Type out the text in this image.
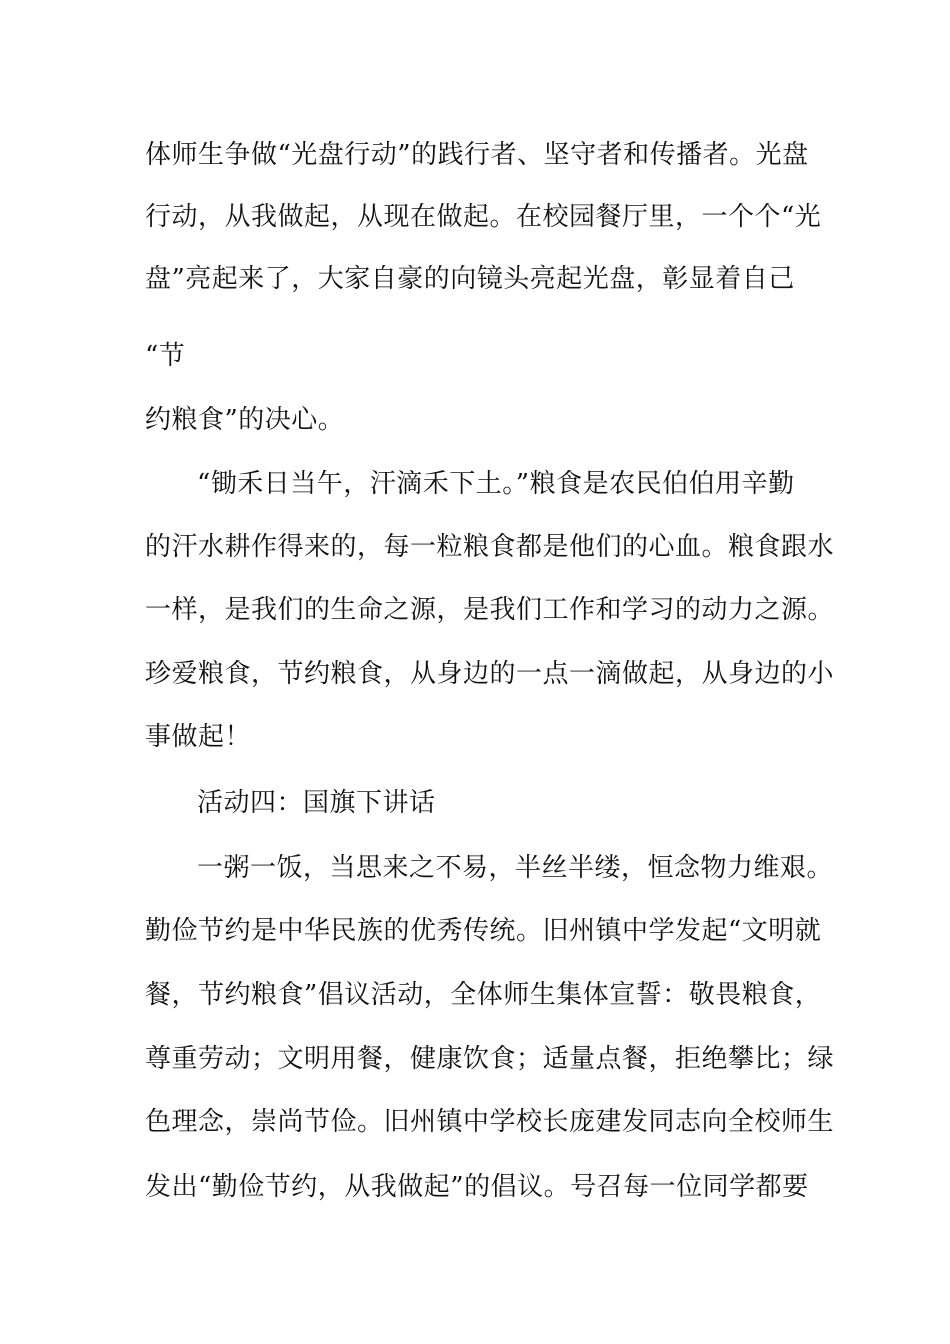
体师生争做“光盘行动”的践行者、坚守者和传播者。光盘
行动，从我做起，从现在做起。在校园餐厅里，一个个“光
盘”亮起来了，大家自豪的向镜头亮起光盘，彰显着自己
“节
约粮食”的决心。
“锄禾日当午，汗滴禾下土。”粮食是农民伯伯用辛勤
的汗水耕作得来的，每一粒粮食都是他们的心血。粮食跟水
一样，是我们的生命之源，是我们工作和学习的动力之源。
珍爱粮食，节约粮食，从身边的一点一滴做起，从身边的小
事做起！
活动四：国旗下讲话
一粥一饭，当思来之不易，半丝半缕，恒念物力维艰。
勤俭节约是中华民族的优秀传统。旧州镇中学发起“文明就
餐，节约粮食”倡议活动，全体师生集体宣誓：敬畏粮食，
尊重劳动；文明用餐，健康饮食；适量点餐，拒绝攀比；绿
色理念，崇尚节俭。旧州镇中学校长庞建发同志向全校师生
发出“勤俭节约，从我做起”的倡议。号召每一位同学都要
